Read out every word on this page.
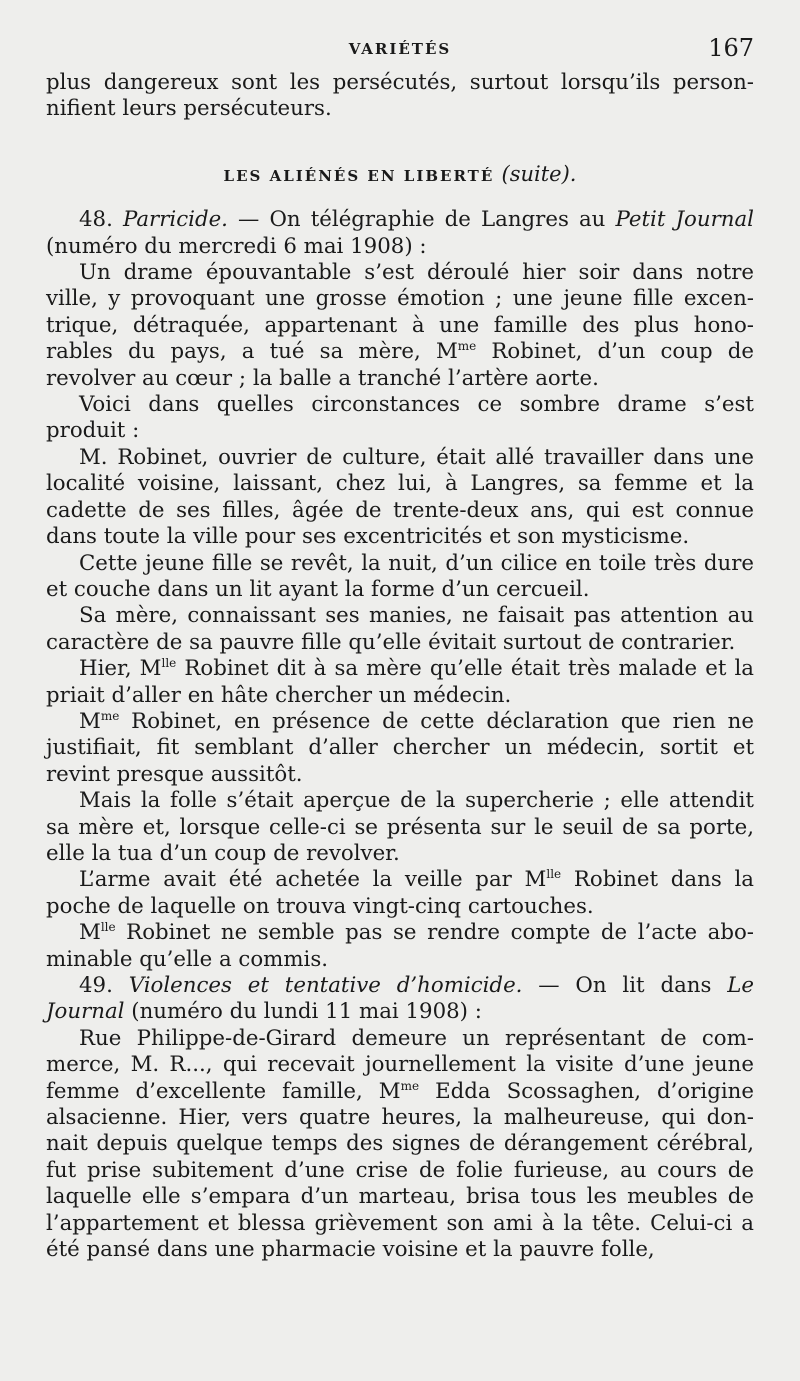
VARIÉTÉS	167

plus dangereux sont les persécutés, surtout lorsqu’ils person- nifient leurs persécuteurs.

LES ALIÉNÉS EN LIBERTÉ (suite).

48. Parricide. — On télégraphie de Langres au Petit Journal (numéro du mercredi 6 mai 1908) :

Un drame épouvantable s’est déroulé hier soir dans notre ville, y provoquant une grosse émotion ; une jeune fille excen-trique, détraquée, appartenant à une famille des plus hono-rables du pays, a tué sa mère, $M^{me}$ Robinet, d’un coup de revolver au cœur ; la balle a tranché l’artère aorte.

Voici dans quelles circonstances ce sombre drame s’est produit :

M. Robinet, ouvrier de culture, était allé travailler dans une localité voisine, laissant, chez lui, à Langres, sa femme et la cadette de ses filles, âgée de trente-deux ans, qui est connue dans toute la ville pour ses excentricités et son mysticisme.

Cette jeune fille se revêt, la nuit, d’un cilice en toile très dure et couche dans un lit ayant la forme d’un cercueil.

Sa mère, connaissant ses manies, ne faisait pas attention au caractère de sa pauvre fille qu’elle évitait surtout de contrarier.

Hier, $M^{lle}$ Robinet dit à sa mère qu’elle était très malade et la priait d’aller en hâte chercher un médecin.

$M^{me}$ Robinet, en présence de cette déclaration que rien ne justifiait, fit semblant d’aller chercher un médecin, sortit et revint presque aussitôt.

Mais la folle s’était aperçue de la supercherie ; elle attendit sa mère et, lorsque celle-ci se présenta sur le seuil de sa porte, elle la tua d’un coup de revolver.

L’arme avait été achetée la veille par $M^{lle}$ Robinet dans la poche de laquelle on trouva vingt-cinq cartouches.

$M^{lle}$ Robinet ne semble pas se rendre compte de l’acte abo-minable qu’elle a commis.

49. Violences et tentative d’homicide. — On lit dans Le Journal (numéro du lundi 11 mai 1908) :

Rue Philippe-de-Girard demeure un représentant de com-merce, M. R..., qui recevait journellement la visite d’une jeune femme d’excellente famille, $M^{me}$ Edda Scossaghen, d’origine alsacienne. Hier, vers quatre heures, la malheureuse, qui don-nait depuis quelque temps des signes de dérangement cérébral, fut prise subitement d’une crise de folie furieuse, au cours de laquelle elle s’empara d’un marteau, brisa tous les meubles de l’appartement et blessa grièvement son ami à la tête. Celui-ci a été pansé dans une pharmacie voisine et la pauvre folle,
